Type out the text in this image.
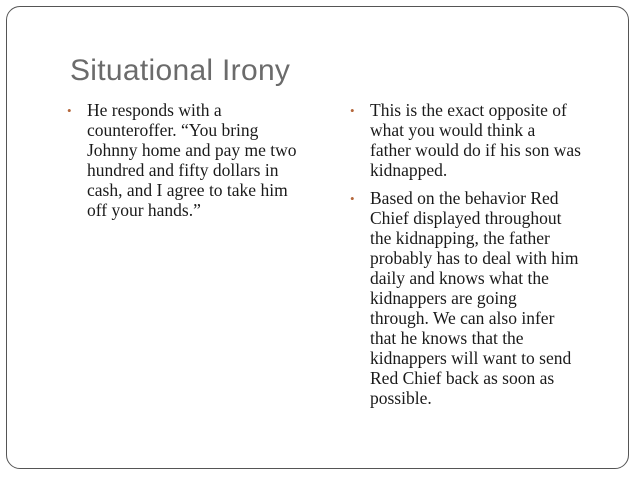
Situational Irony
• He responds with a
counteroffer. “You bring
Johnny home and pay me two
hundred and fifty dollars in
cash, and I agree to take him
off your hands.”
• This is the exact opposite of
what you would think a
father would do if his son was
kidnapped.
• Based on the behavior Red
Chief displayed throughout
the kidnapping, the father
probably has to deal with him
daily and knows what the
kidnappers are going
through. We can also infer
that he knows that the
kidnappers will want to send
Red Chief back as soon as
possible.
